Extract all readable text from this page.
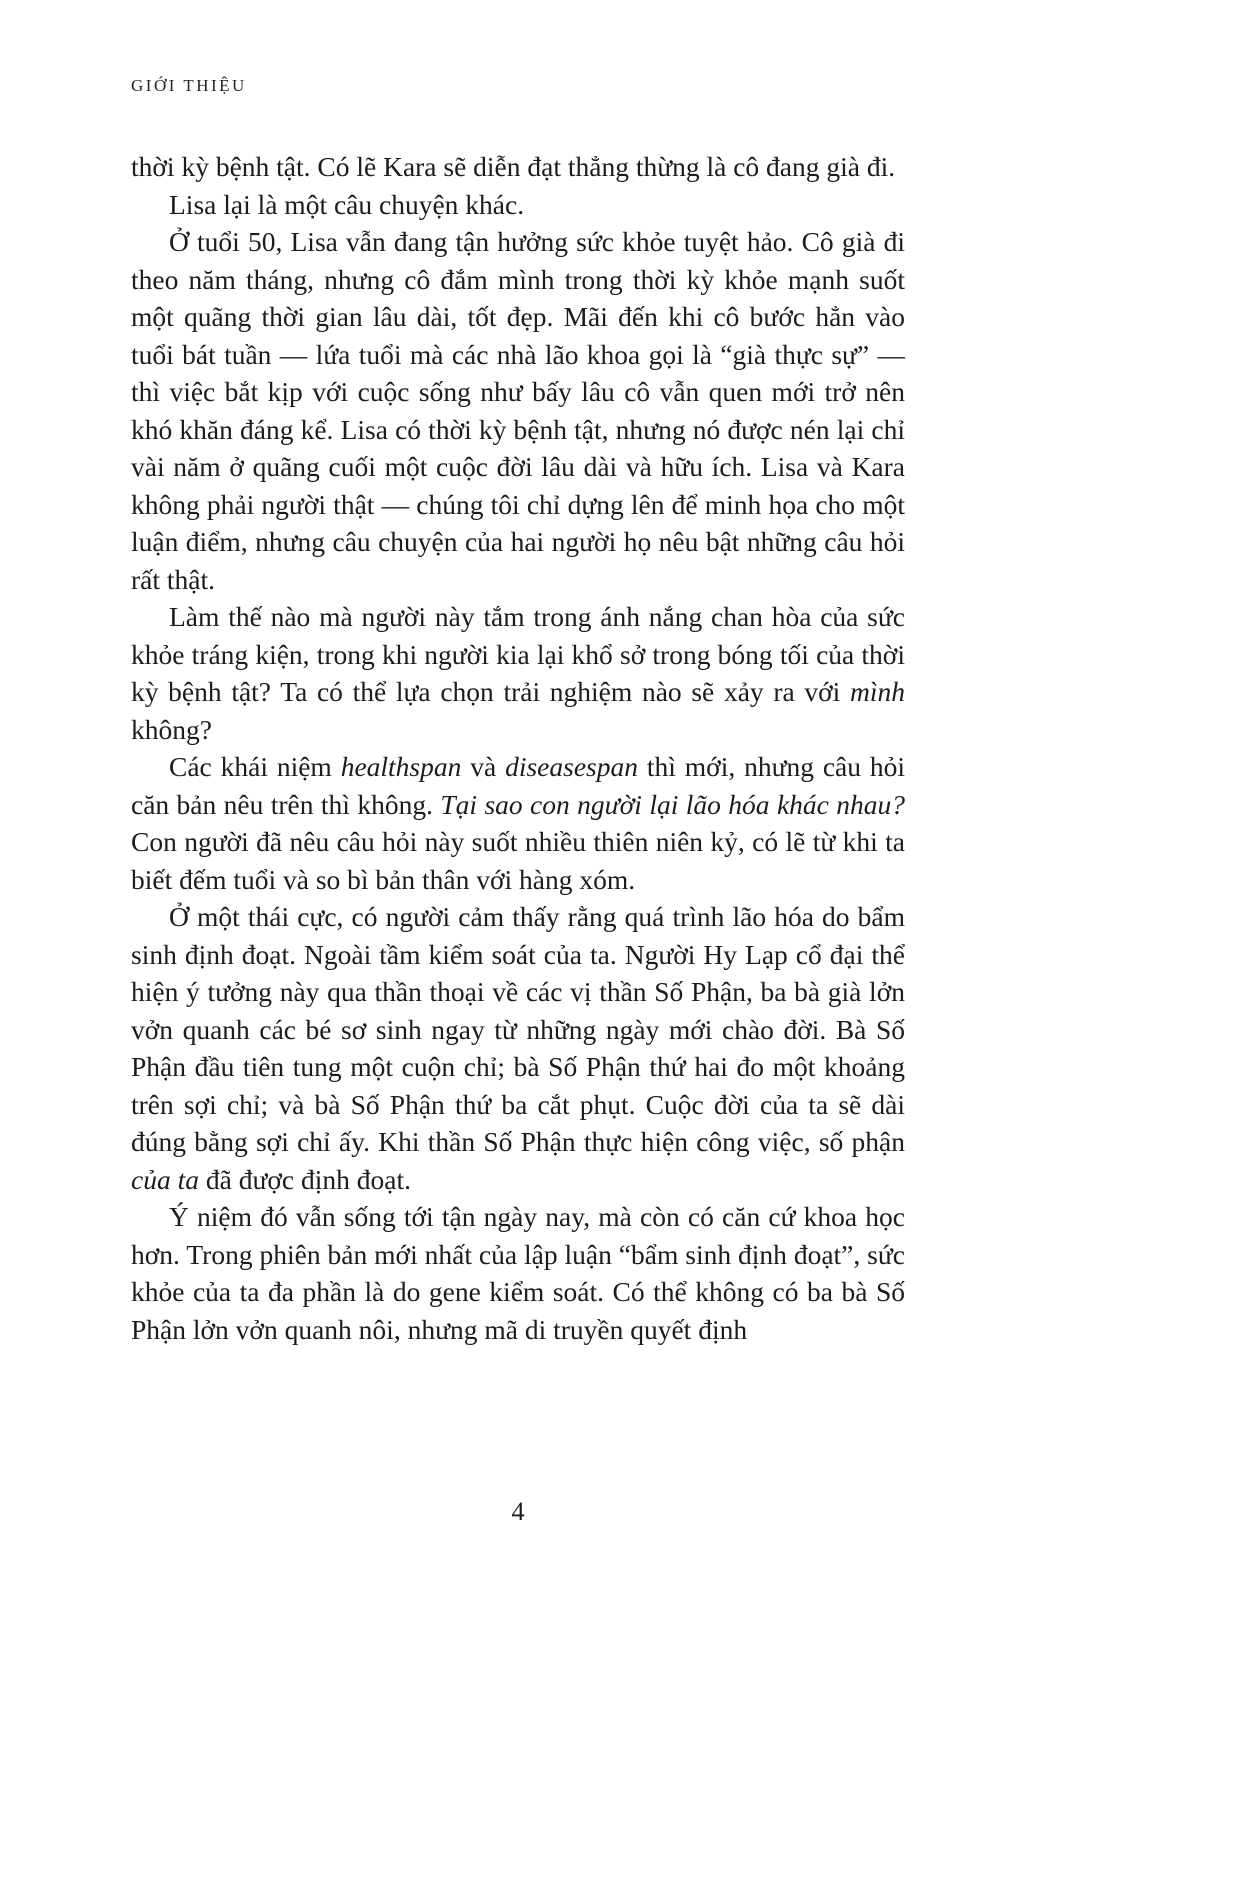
GIỚI THIỆU

thời kỳ bệnh tật. Có lẽ Kara sẽ diễn đạt thẳng thừng là cô đang già đi.

Lisa lại là một câu chuyện khác.

Ở tuổi 50, Lisa vẫn đang tận hưởng sức khỏe tuyệt hảo. Cô già đi theo năm tháng, nhưng cô đắm mình trong thời kỳ khỏe mạnh suốt một quãng thời gian lâu dài, tốt đẹp. Mãi đến khi cô bước hẳn vào tuổi bát tuần — lứa tuổi mà các nhà lão khoa gọi là “già thực sự” — thì việc bắt kịp với cuộc sống như bấy lâu cô vẫn quen mới trở nên khó khăn đáng kể. Lisa có thời kỳ bệnh tật, nhưng nó được nén lại chỉ vài năm ở quãng cuối một cuộc đời lâu dài và hữu ích. Lisa và Kara không phải người thật — chúng tôi chỉ dựng lên để minh họa cho một luận điểm, nhưng câu chuyện của hai người họ nêu bật những câu hỏi rất thật.

Làm thế nào mà người này tắm trong ánh nắng chan hòa của sức khỏe tráng kiện, trong khi người kia lại khổ sở trong bóng tối của thời kỳ bệnh tật? Ta có thể lựa chọn trải nghiệm nào sẽ xảy ra với mình không?

Các khái niệm healthspan và diseasespan thì mới, nhưng câu hỏi căn bản nêu trên thì không. Tại sao con người lại lão hóa khác nhau? Con người đã nêu câu hỏi này suốt nhiều thiên niên kỷ, có lẽ từ khi ta biết đếm tuổi và so bì bản thân với hàng xóm.

Ở một thái cực, có người cảm thấy rằng quá trình lão hóa do bẩm sinh định đoạt. Ngoài tầm kiểm soát của ta. Người Hy Lạp cổ đại thể hiện ý tưởng này qua thần thoại về các vị thần Số Phận, ba bà già lởn vởn quanh các bé sơ sinh ngay từ những ngày mới chào đời. Bà Số Phận đầu tiên tung một cuộn chỉ; bà Số Phận thứ hai đo một khoảng trên sợi chỉ; và bà Số Phận thứ ba cắt phụt. Cuộc đời của ta sẽ dài đúng bằng sợi chỉ ấy. Khi thần Số Phận thực hiện công việc, số phận của ta đã được định đoạt.

Ý niệm đó vẫn sống tới tận ngày nay, mà còn có căn cứ khoa học hơn. Trong phiên bản mới nhất của lập luận “bẩm sinh định đoạt”, sức khỏe của ta đa phần là do gene kiểm soát. Có thể không có ba bà Số Phận lởn vởn quanh nôi, nhưng mã di truyền quyết định

4
